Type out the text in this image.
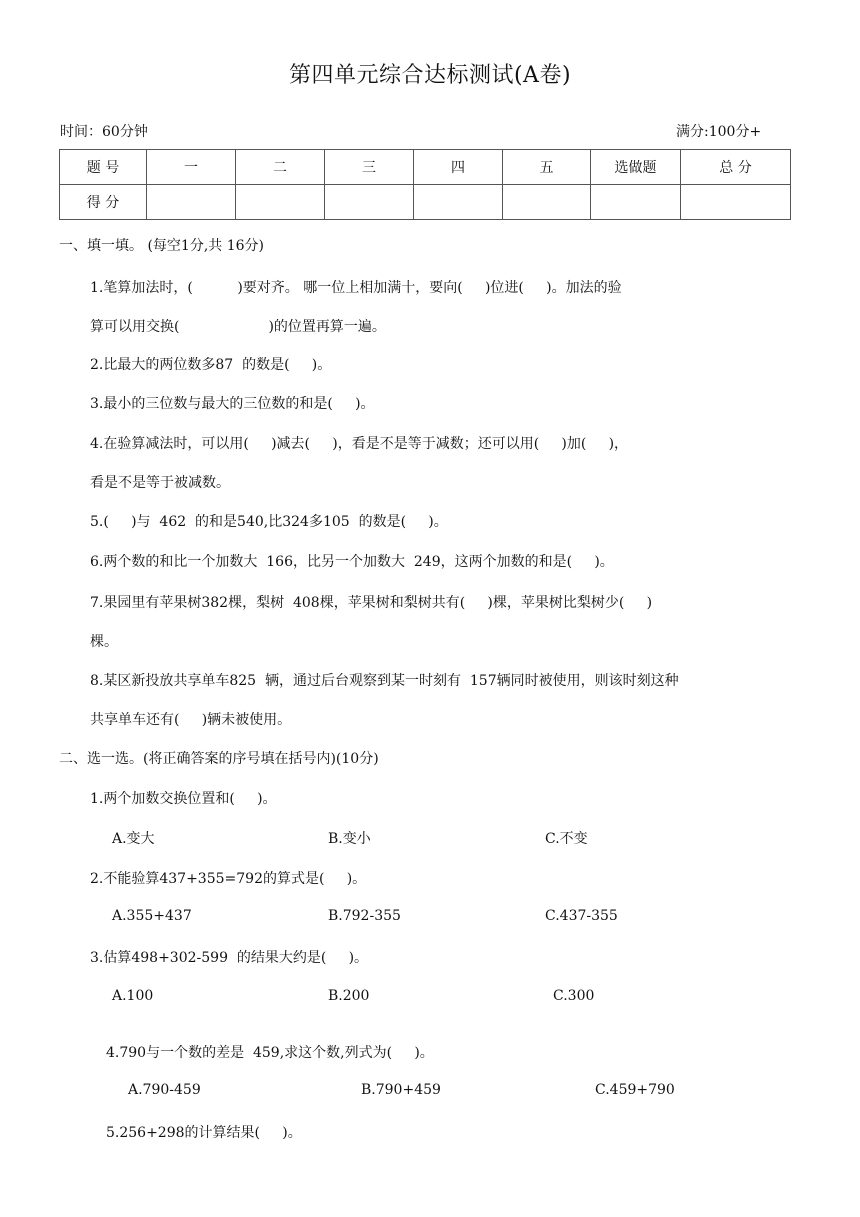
第四单元综合达标测试(A卷)
时间：60分钟	满分:100分+
题 号	一	二	三	四	五	选做题	总 分
得 分							
一、填一填。 (每空1分,共 16分)
1.笔算加法时，(          )要对齐。 哪一位上相加满十，要向(     )位进(     )。加法的验
算可以用交换(                    )的位置再算一遍。
2.比最大的两位数多87  的数是(     )。
3.最小的三位数与最大的三位数的和是(     )。
4.在验算减法时，可以用(     )减去(     )，看是不是等于减数；还可以用(     )加(     )，
看是不是等于被减数。
5.(     )与  462  的和是540,比324多105  的数是(     )。
6.两个数的和比一个加数大  166，比另一个加数大  249，这两个加数的和是(     )。
7.果园里有苹果树382棵，梨树  408棵，苹果树和梨树共有(     )棵，苹果树比梨树少(     )
棵。
8.某区新投放共享单车825  辆，通过后台观察到某一时刻有  157辆同时被使用，则该时刻这种
共享单车还有(     )辆未被使用。
二、选一选。(将正确答案的序号填在括号内)(10分)
1.两个加数交换位置和(     )。
A.变大	B.变小	C.不变
2.不能验算437+355=792的算式是(     )。
A.355+437	B.792-355	C.437-355
3.估算498+302-599  的结果大约是(     )。
A.100	B.200	C.300
4.790与一个数的差是  459,求这个数,列式为(     )。
A.790-459	B.790+459	C.459+790
5.256+298的计算结果(     )。
